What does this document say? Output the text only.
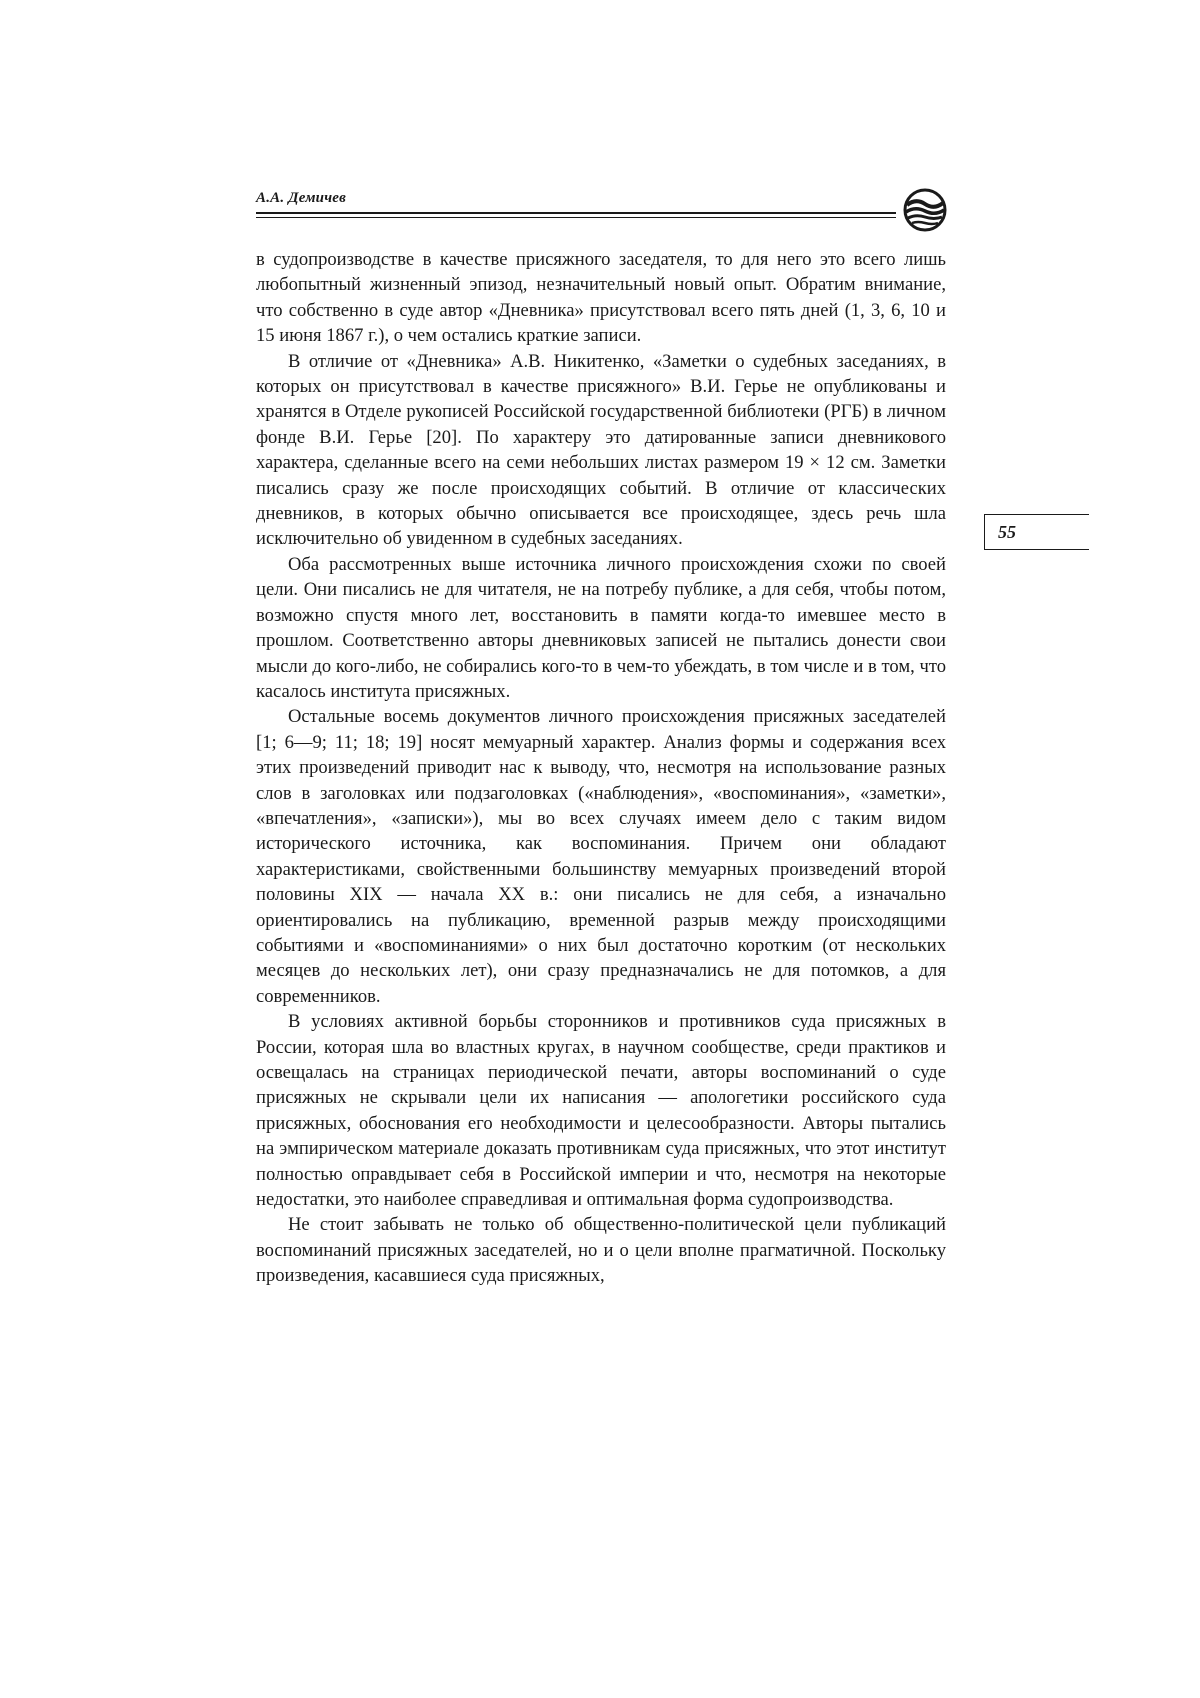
А.А. Демичев
55

в судопроизводстве в качестве присяжного заседателя, то для него это всего лишь любопытный жизненный эпизод, незначительный новый опыт. Обратим внимание, что собственно в суде автор «Дневника» присутствовал всего пять дней (1, 3, 6, 10 и 15 июня 1867 г.), о чем остались краткие записи.

В отличие от «Дневника» А.В. Никитенко, «Заметки о судебных заседаниях, в которых он присутствовал в качестве присяжного» В.И. Герье не опубликованы и хранятся в Отделе рукописей Российской государственной библиотеки (РГБ) в личном фонде В.И. Герье [20]. По характеру это датированные записи дневникового характера, сделанные всего на семи небольших листах размером 19 × 12 см. Заметки писались сразу же после происходящих событий. В отличие от классических дневников, в которых обычно описывается все происходящее, здесь речь шла исключительно об увиденном в судебных заседаниях.

Оба рассмотренных выше источника личного происхождения схожи по своей цели. Они писались не для читателя, не на потребу публике, а для себя, чтобы потом, возможно спустя много лет, восстановить в памяти когда-то имевшее место в прошлом. Соответственно авторы дневниковых записей не пытались донести свои мысли до кого-либо, не собирались кого-то в чем-то убеждать, в том числе и в том, что касалось института присяжных.

Остальные восемь документов личного происхождения присяжных заседателей [1; 6—9; 11; 18; 19] носят мемуарный характер. Анализ формы и содержания всех этих произведений приводит нас к выводу, что, несмотря на использование разных слов в заголовках или подзаголовках («наблюдения», «воспоминания», «заметки», «впечатления», «записки»), мы во всех случаях имеем дело с таким видом исторического источника, как воспоминания. Причем они обладают характеристиками, свойственными большинству мемуарных произведений второй половины XIX — начала XX в.: они писались не для себя, а изначально ориентировались на публикацию, временной разрыв между происходящими событиями и «воспоминаниями» о них был достаточно коротким (от нескольких месяцев до нескольких лет), они сразу предназначались не для потомков, а для современников.

В условиях активной борьбы сторонников и противников суда присяжных в России, которая шла во властных кругах, в научном сообществе, среди практиков и освещалась на страницах периодической печати, авторы воспоминаний о суде присяжных не скрывали цели их написания — апологетики российского суда присяжных, обоснования его необходимости и целесообразности. Авторы пытались на эмпирическом материале доказать противникам суда присяжных, что этот институт полностью оправдывает себя в Российской империи и что, несмотря на некоторые недостатки, это наиболее справедливая и оптимальная форма судопроизводства.

Не стоит забывать не только об общественно-политической цели публикаций воспоминаний присяжных заседателей, но и о цели вполне прагматичной. Поскольку произведения, касавшиеся суда присяжных,
